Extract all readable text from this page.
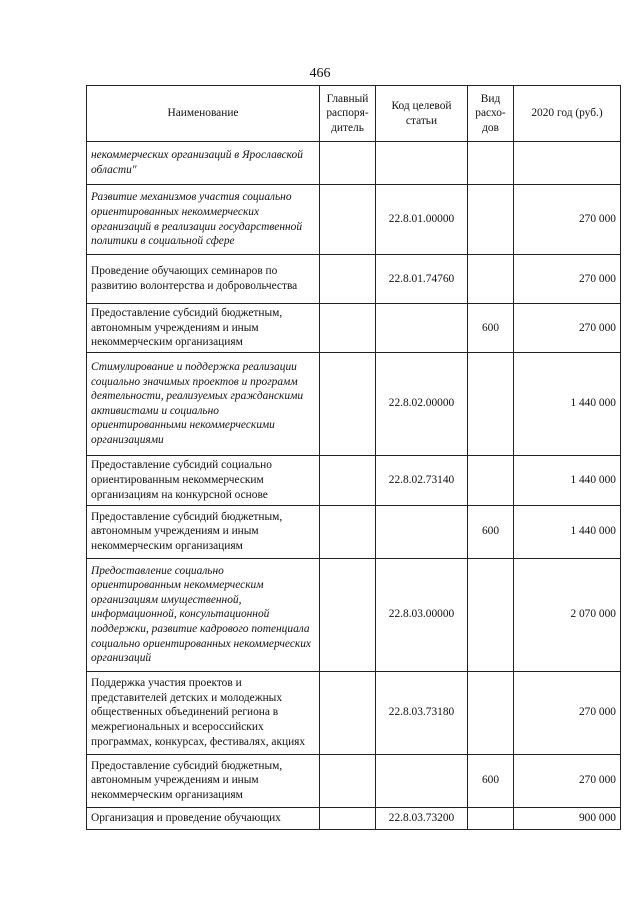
466
Наименование	Главный распоря-дитель	Код целевой статьи	Вид расхо-дов	2020 год (руб.)
некоммерческих организаций в Ярославской области"				
Развитие механизмов участия социально ориентированных некоммерческих организаций в реализации государственной политики в социальной сфере		22.8.01.00000		270 000
Проведение обучающих семинаров по развитию волонтерства и добровольчества		22.8.01.74760		270 000
Предоставление субсидий бюджетным, автономным учреждениям и иным некоммерческим организациям			600	270 000
Стимулирование и поддержка реализации социально значимых проектов и программ деятельности, реализуемых гражданскими активистами и социально ориентированными некоммерческими организациями		22.8.02.00000		1 440 000
Предоставление субсидий социально ориентированным некоммерческим организациям на конкурсной основе		22.8.02.73140		1 440 000
Предоставление субсидий бюджетным, автономным учреждениям и иным некоммерческим организациям			600	1 440 000
Предоставление социально ориентированным некоммерческим организациям имущественной, информационной, консультационной поддержки, развитие кадрового потенциала социально ориентированных некоммерческих организаций		22.8.03.00000		2 070 000
Поддержка участия проектов и представителей детских и молодежных общественных объединений региона в межрегиональных и всероссийских программах, конкурсах, фестивалях, акциях		22.8.03.73180		270 000
Предоставление субсидий бюджетным, автономным учреждениям и иным некоммерческим организациям			600	270 000
Организация и проведение обучающих		22.8.03.73200		900 000
